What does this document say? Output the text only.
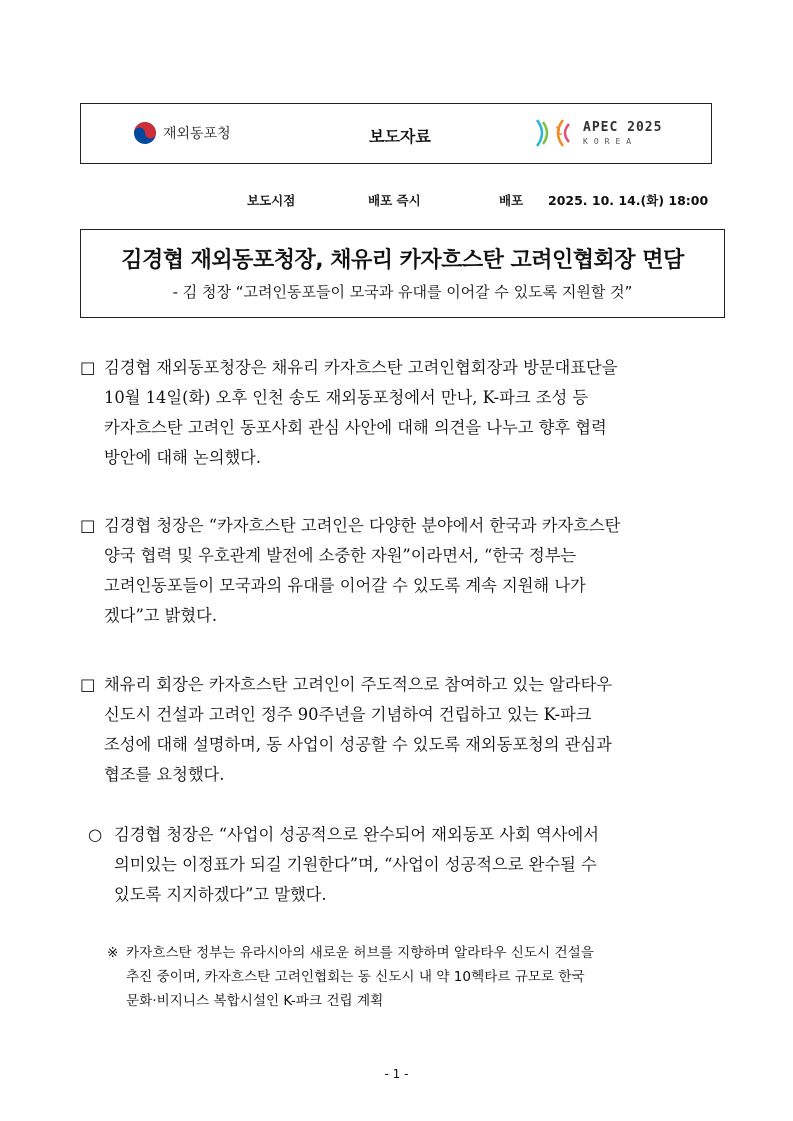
재외동포청	보도자료	APEC 2025
KOREA
보도시점	배포 즉시	배포 2025. 10. 14.(화) 18:00
김경협 재외동포청장, 채유리 카자흐스탄 고려인협회장 면담
- 김 청장 “고려인동포들이 모국과 유대를 이어갈 수 있도록 지원할 것”
□ 김경협 재외동포청장은 채유리 카자흐스탄 고려인협회장과 방문대표단을
10월 14일(화) 오후 인천 송도 재외동포청에서 만나, K-파크 조성 등
카자흐스탄 고려인 동포사회 관심 사안에 대해 의견을 나누고 향후 협력
방안에 대해 논의했다.
□ 김경협 청장은 “카자흐스탄 고려인은 다양한 분야에서 한국과 카자흐스탄
양국 협력 및 우호관계 발전에 소중한 자원”이라면서, “한국 정부는
고려인동포들이 모국과의 유대를 이어갈 수 있도록 계속 지원해 나가
겠다”고 밝혔다.
□ 채유리 회장은 카자흐스탄 고려인이 주도적으로 참여하고 있는 알라타우
신도시 건설과 고려인 정주 90주년을 기념하여 건립하고 있는 K-파크
조성에 대해 설명하며, 동 사업이 성공할 수 있도록 재외동포청의 관심과
협조를 요청했다.
○ 김경협 청장은 “사업이 성공적으로 완수되어 재외동포 사회 역사에서
의미있는 이정표가 되길 기원한다”며, “사업이 성공적으로 완수될 수
있도록 지지하겠다”고 말했다.
※ 카자흐스탄 정부는 유라시아의 새로운 허브를 지향하며 알라타우 신도시 건설을
추진 중이며, 카자흐스탄 고려인협회는 동 신도시 내 약 10헥타르 규모로 한국
문화·비지니스 복합시설인 K-파크 건립 계획
- 1 -
